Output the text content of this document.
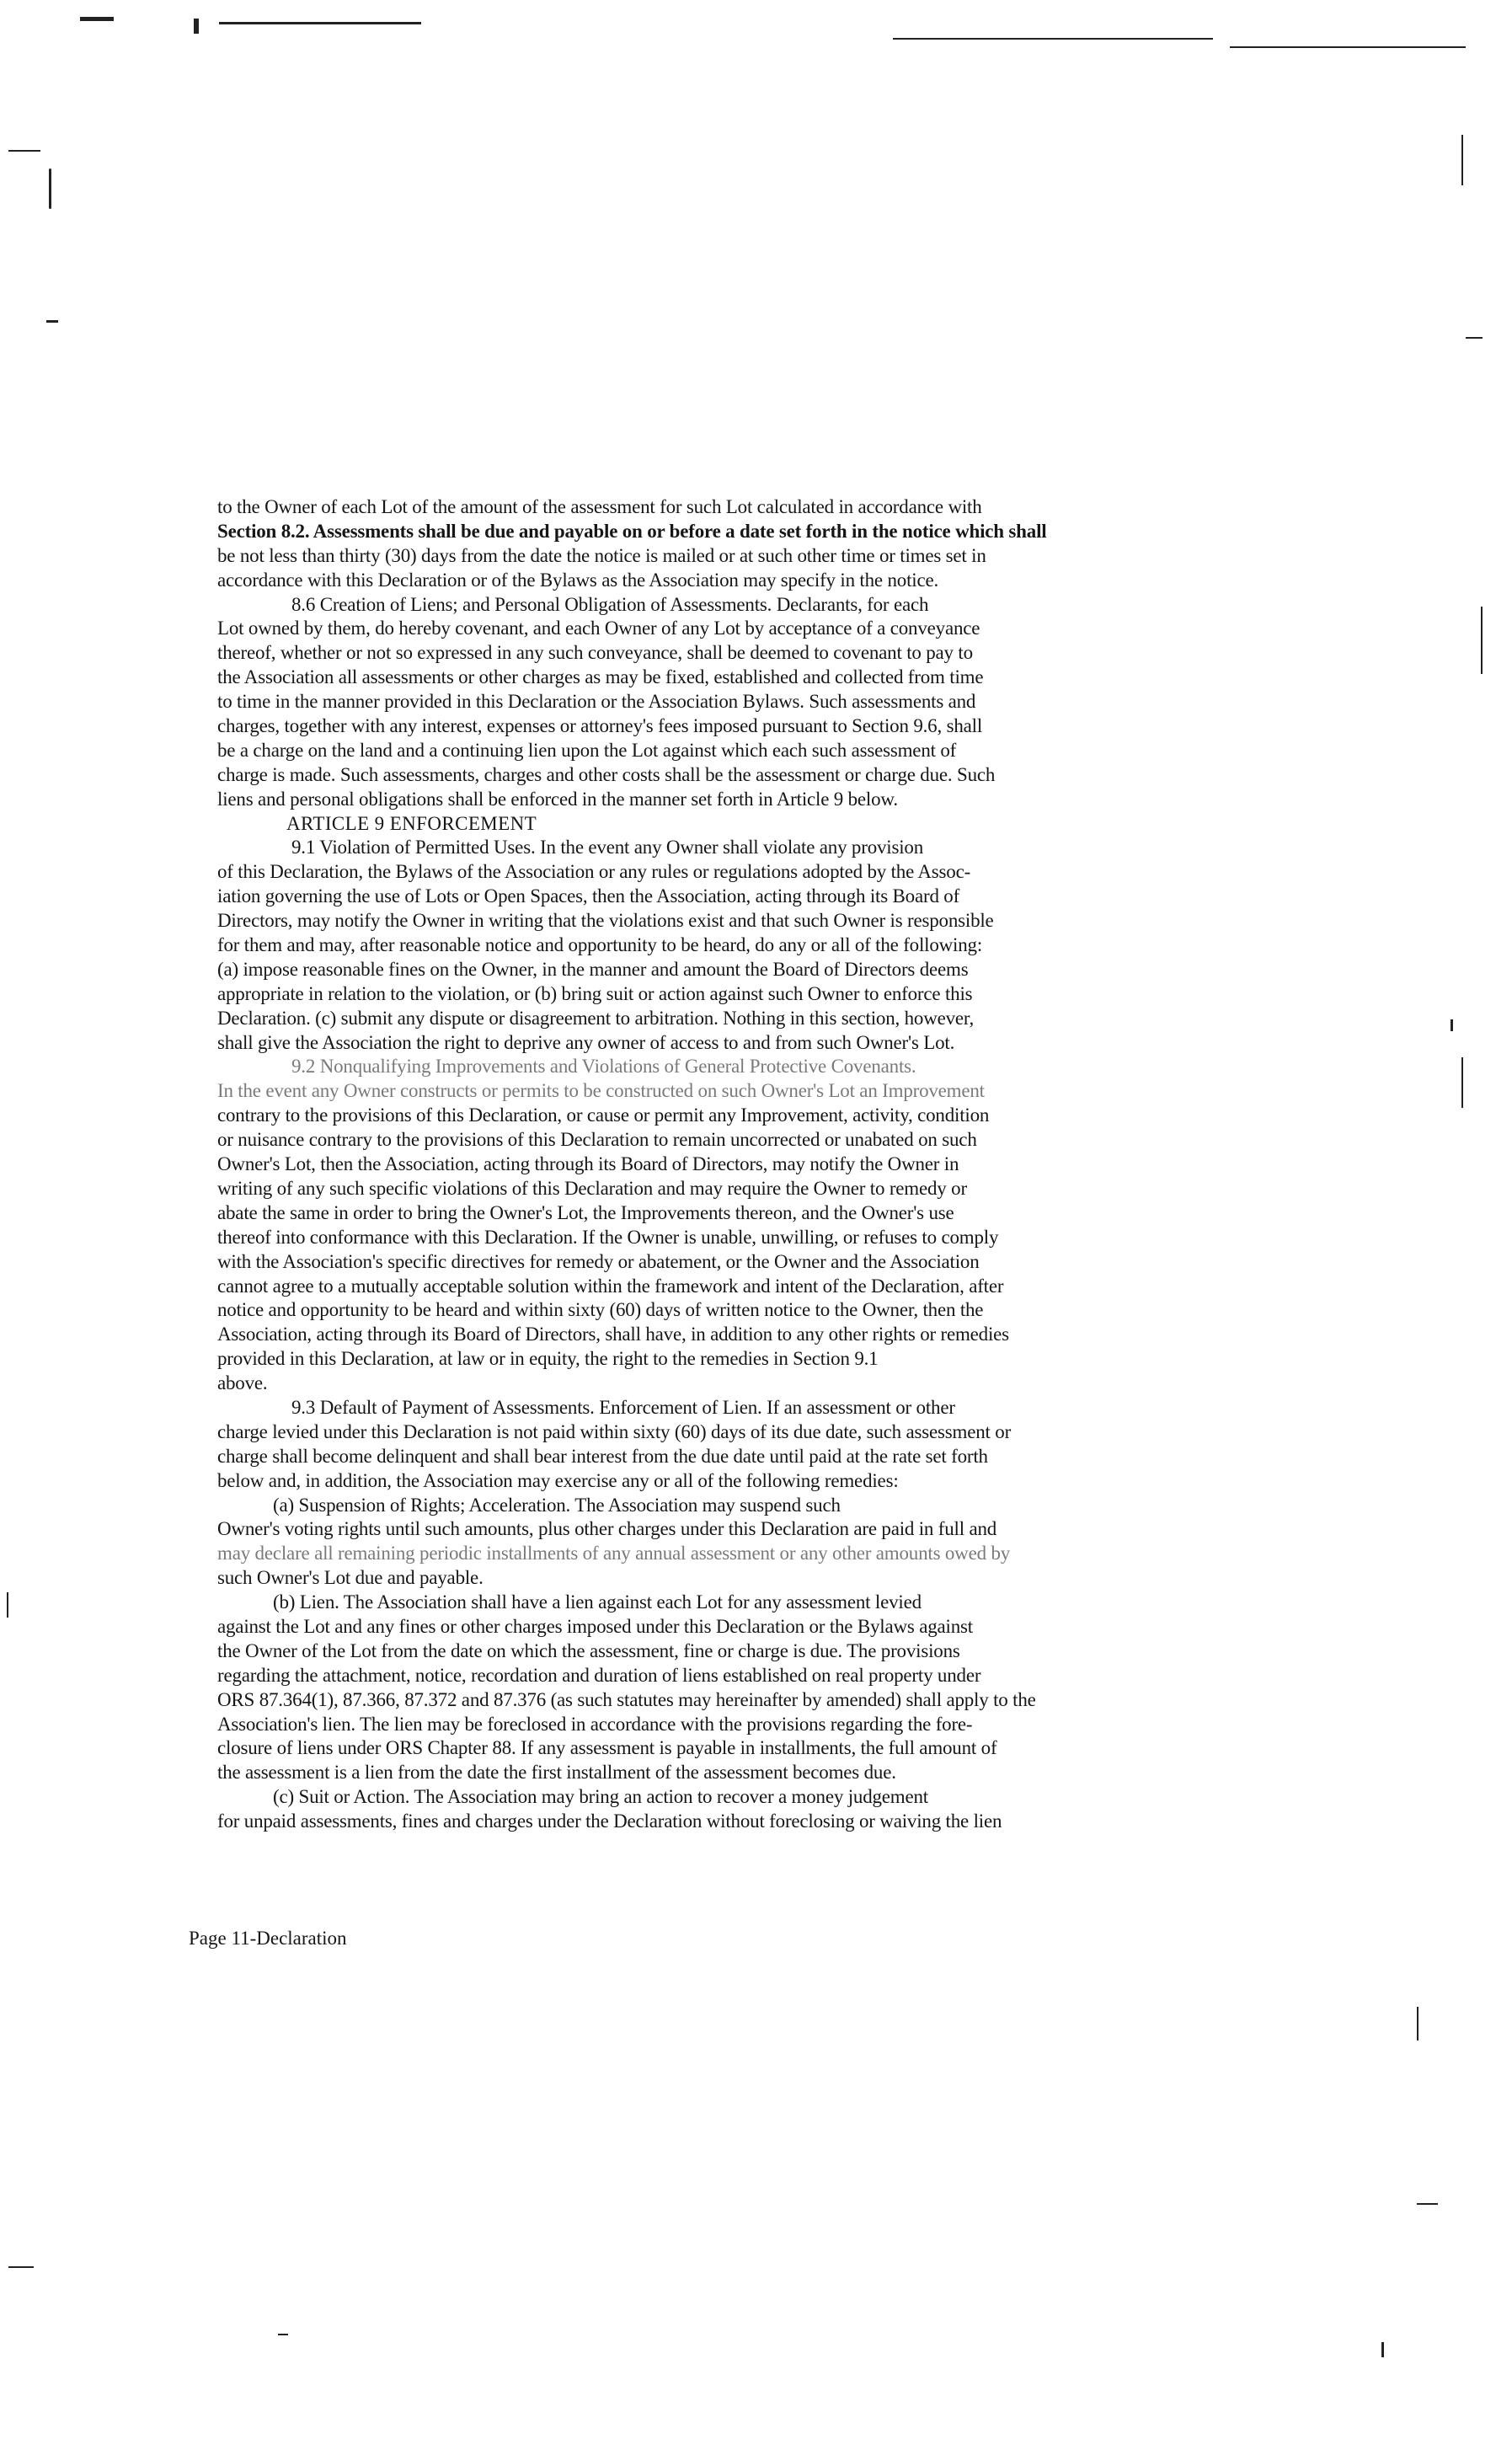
to the Owner of each Lot of the amount of the assessment for such Lot calculated in accordance with
Section 8.2. Assessments shall be due and payable on or before a date set forth in the notice which shall
be not less than thirty (30) days from the date the notice is mailed or at such other time or times set in
accordance with this Declaration or of the Bylaws as the Association may specify in the notice.
8.6 Creation of Liens; and Personal Obligation of Assessments. Declarants, for each
Lot owned by them, do hereby covenant, and each Owner of any Lot by acceptance of a conveyance
thereof, whether or not so expressed in any such conveyance, shall be deemed to covenant to pay to
the Association all assessments or other charges as may be fixed, established and collected from time
to time in the manner provided in this Declaration or the Association Bylaws. Such assessments and
charges, together with any interest, expenses or attorney's fees imposed pursuant to Section 9.6, shall
be a charge on the land and a continuing lien upon the Lot against which each such assessment of
charge is made. Such assessments, charges and other costs shall be the assessment or charge due. Such
liens and personal obligations shall be enforced in the manner set forth in Article 9 below.
ARTICLE 9 ENFORCEMENT
9.1 Violation of Permitted Uses. In the event any Owner shall violate any provision
of this Declaration, the Bylaws of the Association or any rules or regulations adopted by the Assoc-
iation governing the use of Lots or Open Spaces, then the Association, acting through its Board of
Directors, may notify the Owner in writing that the violations exist and that such Owner is responsible
for them and may, after reasonable notice and opportunity to be heard, do any or all of the following:
(a) impose reasonable fines on the Owner, in the manner and amount the Board of Directors deems
appropriate in relation to the violation, or (b) bring suit or action against such Owner to enforce this
Declaration. (c) submit any dispute or disagreement to arbitration. Nothing in this section, however,
shall give the Association the right to deprive any owner of access to and from such Owner's Lot.
9.2 Nonqualifying Improvements and Violations of General Protective Covenants.
In the event any Owner constructs or permits to be constructed on such Owner's Lot an Improvement
contrary to the provisions of this Declaration, or cause or permit any Improvement, activity, condition
or nuisance contrary to the provisions of this Declaration to remain uncorrected or unabated on such
Owner's Lot, then the Association, acting through its Board of Directors, may notify the Owner in
writing of any such specific violations of this Declaration and may require the Owner to remedy or
abate the same in order to bring the Owner's Lot, the Improvements thereon, and the Owner's use
thereof into conformance with this Declaration. If the Owner is unable, unwilling, or refuses to comply
with the Association's specific directives for remedy or abatement, or the Owner and the Association
cannot agree to a mutually acceptable solution within the framework and intent of the Declaration, after
notice and opportunity to be heard and within sixty (60) days of written notice to the Owner, then the
Association, acting through its Board of Directors, shall have, in addition to any other rights or remedies
provided in this Declaration, at law or in equity, the right to the remedies in Section 9.1
above.
9.3 Default of Payment of Assessments. Enforcement of Lien. If an assessment or other
charge levied under this Declaration is not paid within sixty (60) days of its due date, such assessment or
charge shall become delinquent and shall bear interest from the due date until paid at the rate set forth
below and, in addition, the Association may exercise any or all of the following remedies:
(a) Suspension of Rights; Acceleration. The Association may suspend such
Owner's voting rights until such amounts, plus other charges under this Declaration are paid in full and
may declare all remaining periodic installments of any annual assessment or any other amounts owed by
such Owner's Lot due and payable.
(b) Lien. The Association shall have a lien against each Lot for any assessment levied
against the Lot and any fines or other charges imposed under this Declaration or the Bylaws against
the Owner of the Lot from the date on which the assessment, fine or charge is due. The provisions
regarding the attachment, notice, recordation and duration of liens established on real property under
ORS 87.364(1), 87.366, 87.372 and 87.376 (as such statutes may hereinafter by amended) shall apply to the
Association's lien. The lien may be foreclosed in accordance with the provisions regarding the fore-
closure of liens under ORS Chapter 88. If any assessment is payable in installments, the full amount of
the assessment is a lien from the date the first installment of the assessment becomes due.
(c) Suit or Action. The Association may bring an action to recover a money judgement
for unpaid assessments, fines and charges under the Declaration without foreclosing or waiving the lien
Page 11-Declaration
